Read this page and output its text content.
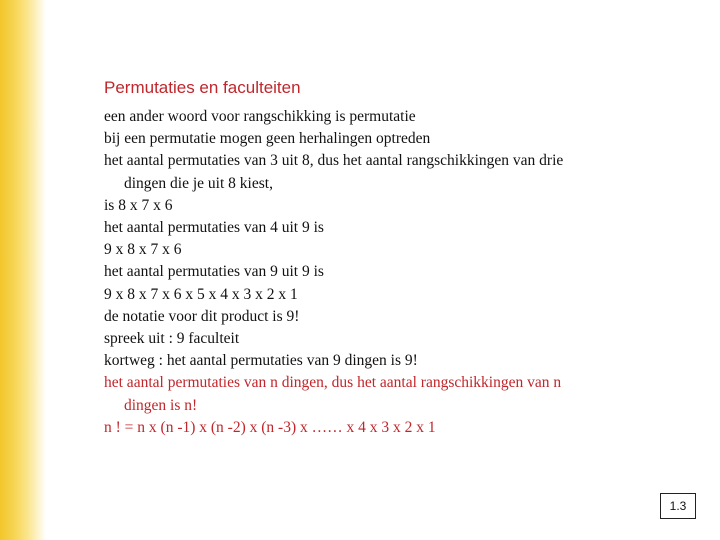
Permutaties en faculteiten
een ander woord voor rangschikking is permutatie
bij een permutatie mogen geen herhalingen optreden
het aantal permutaties van 3 uit 8, dus het aantal rangschikkingen van drie
dingen die je uit 8 kiest,
is 8 x 7 x 6
het aantal permutaties van 4 uit 9 is
9 x 8 x 7 x 6
het aantal permutaties van 9 uit 9 is
9 x 8 x 7 x 6 x 5 x 4 x 3 x 2 x 1
de notatie voor dit product is 9!
spreek uit : 9 faculteit
kortweg : het aantal permutaties van 9 dingen is 9!
het aantal permutaties van n dingen, dus het aantal rangschikkingen van n
dingen is n!
n ! = n x (n -1) x (n -2) x (n -3) x …… x 4 x 3 x 2 x 1
1.3
